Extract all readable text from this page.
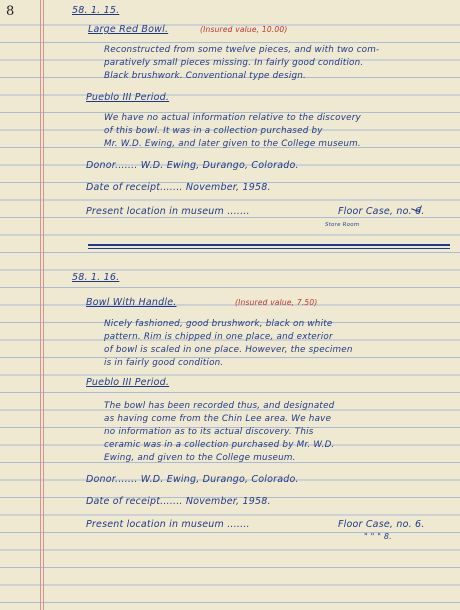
8	58. 1. 15.
Large Red Bowl.	(Insured value, 10.00)
Reconstructed from some twelve pieces, and with two com-
paratively small pieces missing. In fairly good condition.
Black brushwork. Conventional type design.
Pueblo III Period.
We have no actual information relative to the discovery
of this bowl. It was in a collection purchased by
Mr. W.D. Ewing, and later given to the College museum.
Donor....... W.D. Ewing, Durango, Colorado.
Date of receipt....... November, 1958.
Present location in museum .......	Floor Case, no. 6.
Store Room
58. 1. 16.
Bowl With Handle.	(Insured value, 7.50)
Nicely fashioned, good brushwork, black on white
pattern. Rim is chipped in one place, and exterior
of bowl is scaled in one place. However, the specimen
is in fairly good condition.
Pueblo III Period.
The bowl has been recorded thus, and designated
as having come from the Chin Lee area. We have
no information as to its actual discovery. This
ceramic was in a collection purchased by Mr. W.D.
Ewing, and given to the College museum.
Donor....... W.D. Ewing, Durango, Colorado.
Date of receipt....... November, 1958.
Present location in museum .......	Floor Case, no. 6.
" " " 8.
